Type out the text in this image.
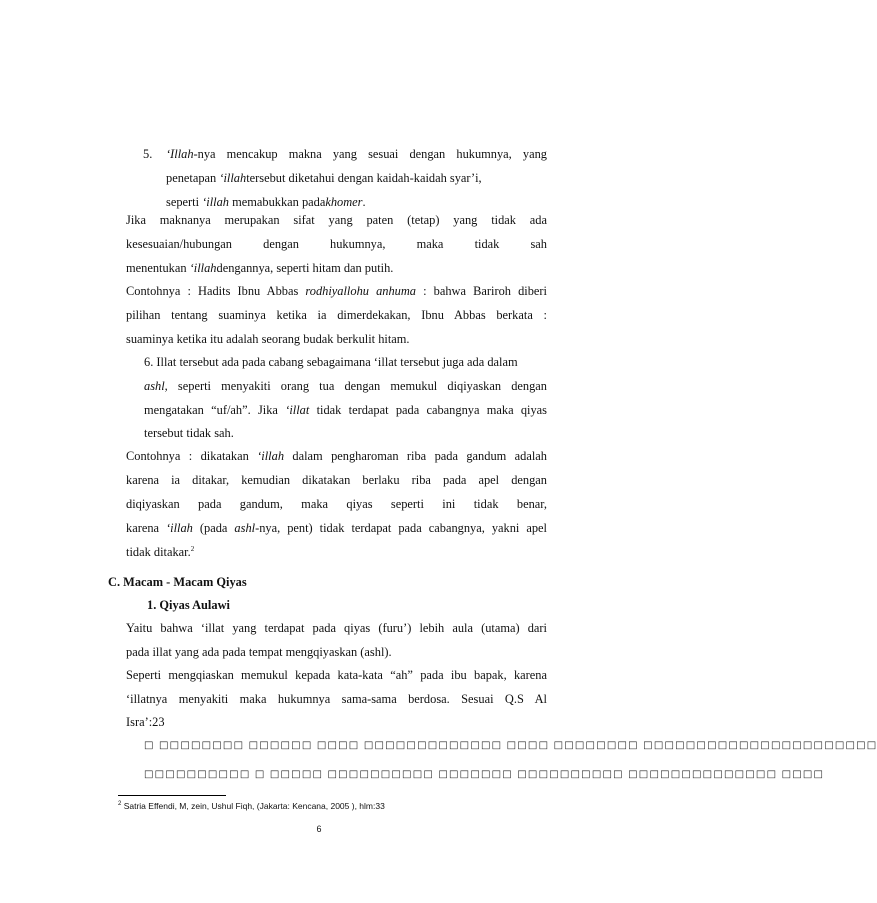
5. ‘Illah-nya mencakup makna yang sesuai dengan hukumnya, yang
penetapan ‘illahtersebut diketahui dengan kaidah-kaidah syar’i,
seperti ‘illah memabukkan padakhomer.
Jika maknanya merupakan sifat yang paten (tetap) yang tidak ada
kesesuaian/hubungan dengan hukumnya, maka tidak sah
menentukan ‘illahdengannya, seperti hitam dan putih.
Contohnya : Hadits Ibnu Abbas rodhiyallohu anhuma : bahwa Bariroh diberi
pilihan tentang suaminya ketika ia dimerdekakan, Ibnu Abbas berkata :
suaminya ketika itu adalah seorang budak berkulit hitam.
6. Illat tersebut ada pada cabang sebagaimana ‘illat tersebut juga ada dalam
ashl, seperti menyakiti orang tua dengan memukul diqiyaskan dengan
mengatakan “uf/ah”. Jika ‘illat tidak terdapat pada cabangnya maka qiyas
tersebut tidak sah.
Contohnya : dikatakan ‘illah dalam pengharoman riba pada gandum adalah
karena ia ditakar, kemudian dikatakan berlaku riba pada apel dengan
diqiyaskan pada gandum, maka qiyas seperti ini tidak benar,
karena ‘illah (pada ashl-nya, pent) tidak terdapat pada cabangnya, yakni apel
tidak ditakar.$^2$
C. Macam - Macam Qiyas
1. Qiyas Aulawi
Yaitu bahwa ‘illat yang terdapat pada qiyas (furu’) lebih aula (utama) dari
pada illat yang ada pada tempat mengqiyaskan (ashl).
Seperti mengqiaskan memukul kepada kata-kata “ah” pada ibu bapak, karena
‘illatnya menyakiti maka hukumnya sama-sama berdosa. Sesuai Q.S Al
Isra’:23
□ □□□□□□□□ □□□□□□ □□□□ □□□□□□□□□□□□□ □□□□ □□□□□□□□ □□□□□□□□□□□□□□□□□□□□□□
□□□□□□□□□□ □ □□□□□ □□□□□□□□□□ □□□□□□□ □□□□□□□□□□ □□□□□□□□□□□□□□ □□□□
$^2$ Satria Effendi, M, zein, Ushul Fiqh, (Jakarta: Kencana, 2005 ), hlm:33
6
